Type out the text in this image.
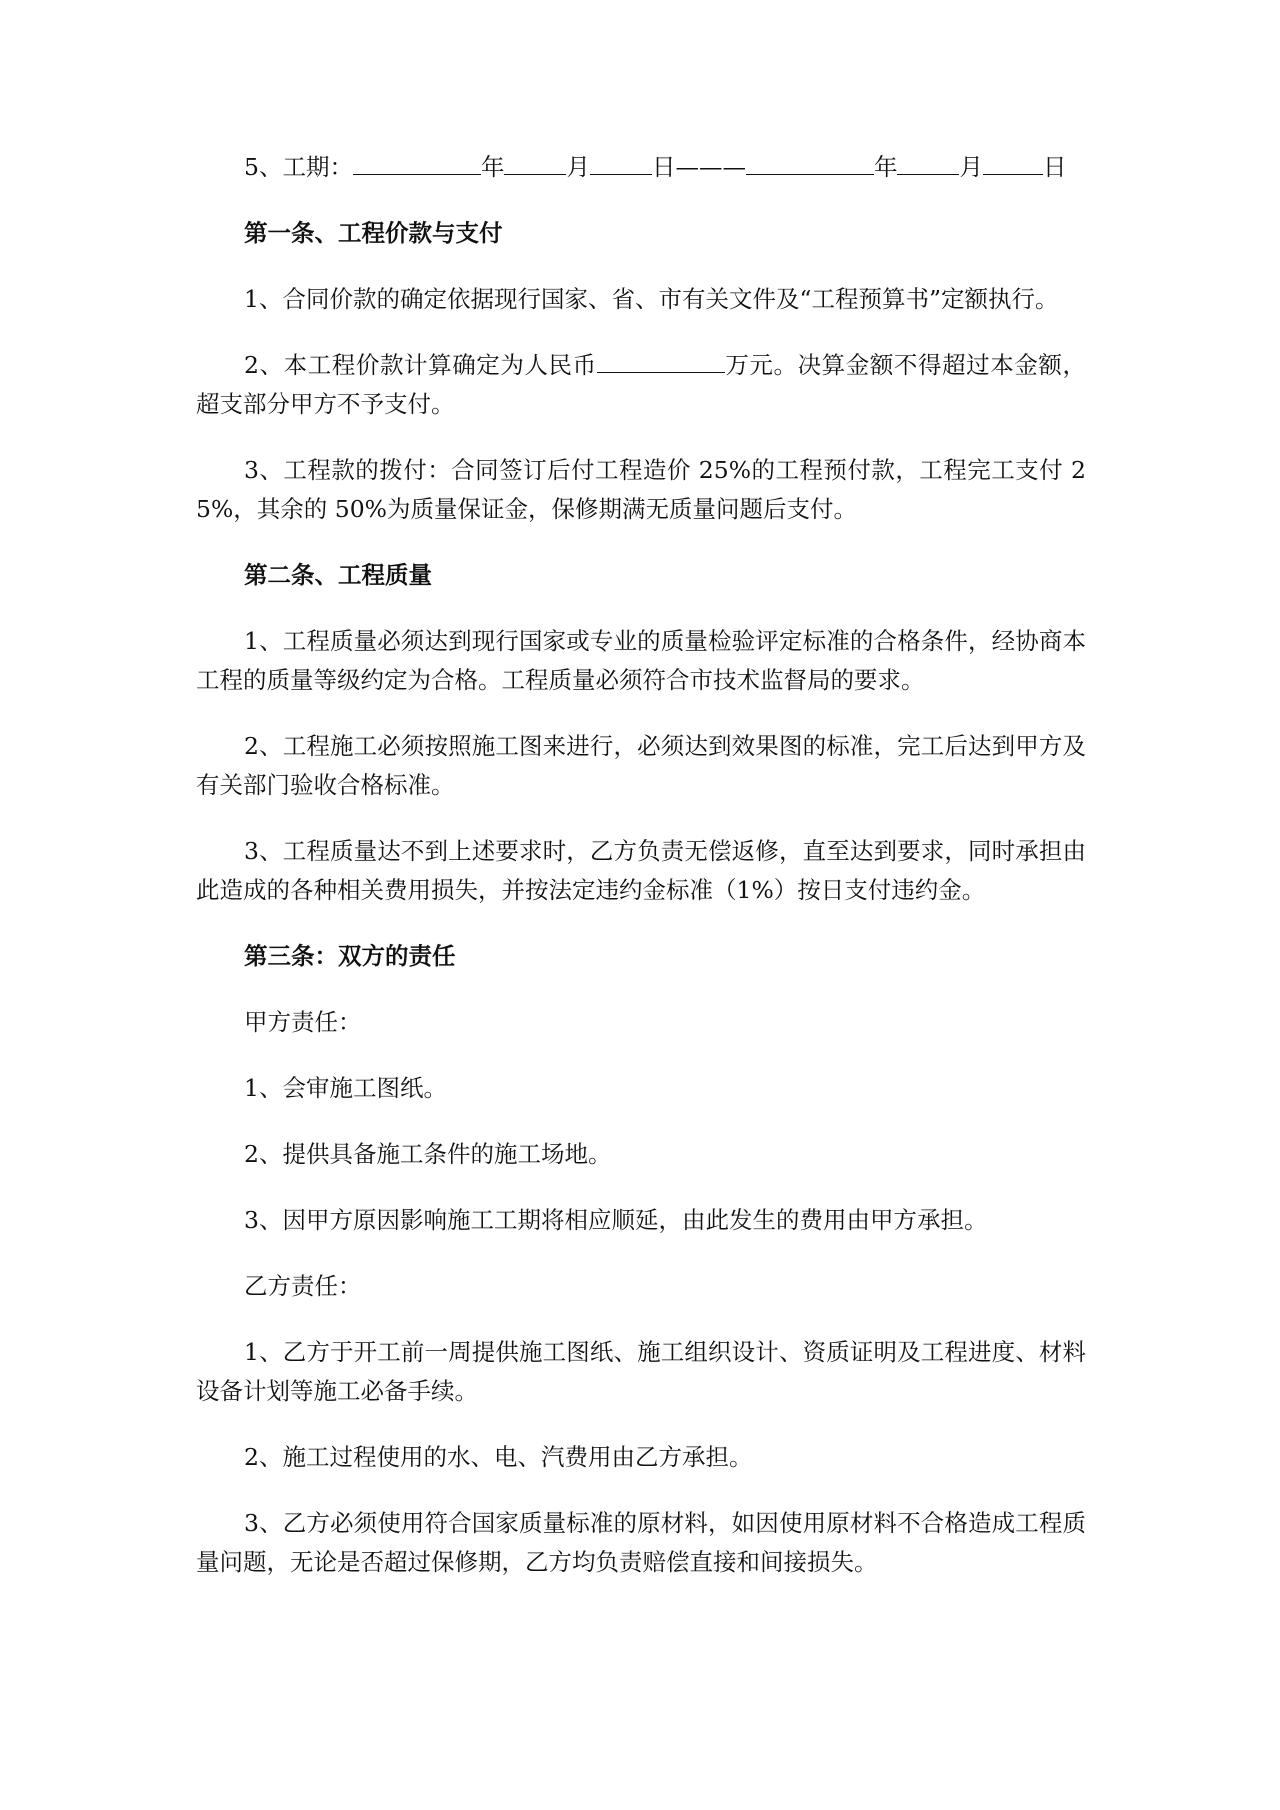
5、工期：	年	月	日———	年	月	日

第一条、工程价款与支付

1、合同价款的确定依据现行国家、省、市有关文件及“工程预算书”定额执行。

2、本工程价款计算确定为人民币	万元。决算金额不得超过本金额，超支部分甲方不予支付。

3、工程款的拨付：合同签订后付工程造价 25%的工程预付款，工程完工支付 25%，其余的 50%为质量保证金，保修期满无质量问题后支付。

第二条、工程质量

1、工程质量必须达到现行国家或专业的质量检验评定标准的合格条件，经协商本工程的质量等级约定为合格。工程质量必须符合市技术监督局的要求。

2、工程施工必须按照施工图来进行，必须达到效果图的标准，完工后达到甲方及有关部门验收合格标准。

3、工程质量达不到上述要求时，乙方负责无偿返修，直至达到要求，同时承担由此造成的各种相关费用损失，并按法定违约金标准（1%）按日支付违约金。

第三条：双方的责任

甲方责任：

1、会审施工图纸。

2、提供具备施工条件的施工场地。

3、因甲方原因影响施工工期将相应顺延，由此发生的费用由甲方承担。

乙方责任：

1、乙方于开工前一周提供施工图纸、施工组织设计、资质证明及工程进度、材料设备计划等施工必备手续。

2、施工过程使用的水、电、汽费用由乙方承担。

3、乙方必须使用符合国家质量标准的原材料，如因使用原材料不合格造成工程质量问题，无论是否超过保修期，乙方均负责赔偿直接和间接损失。
